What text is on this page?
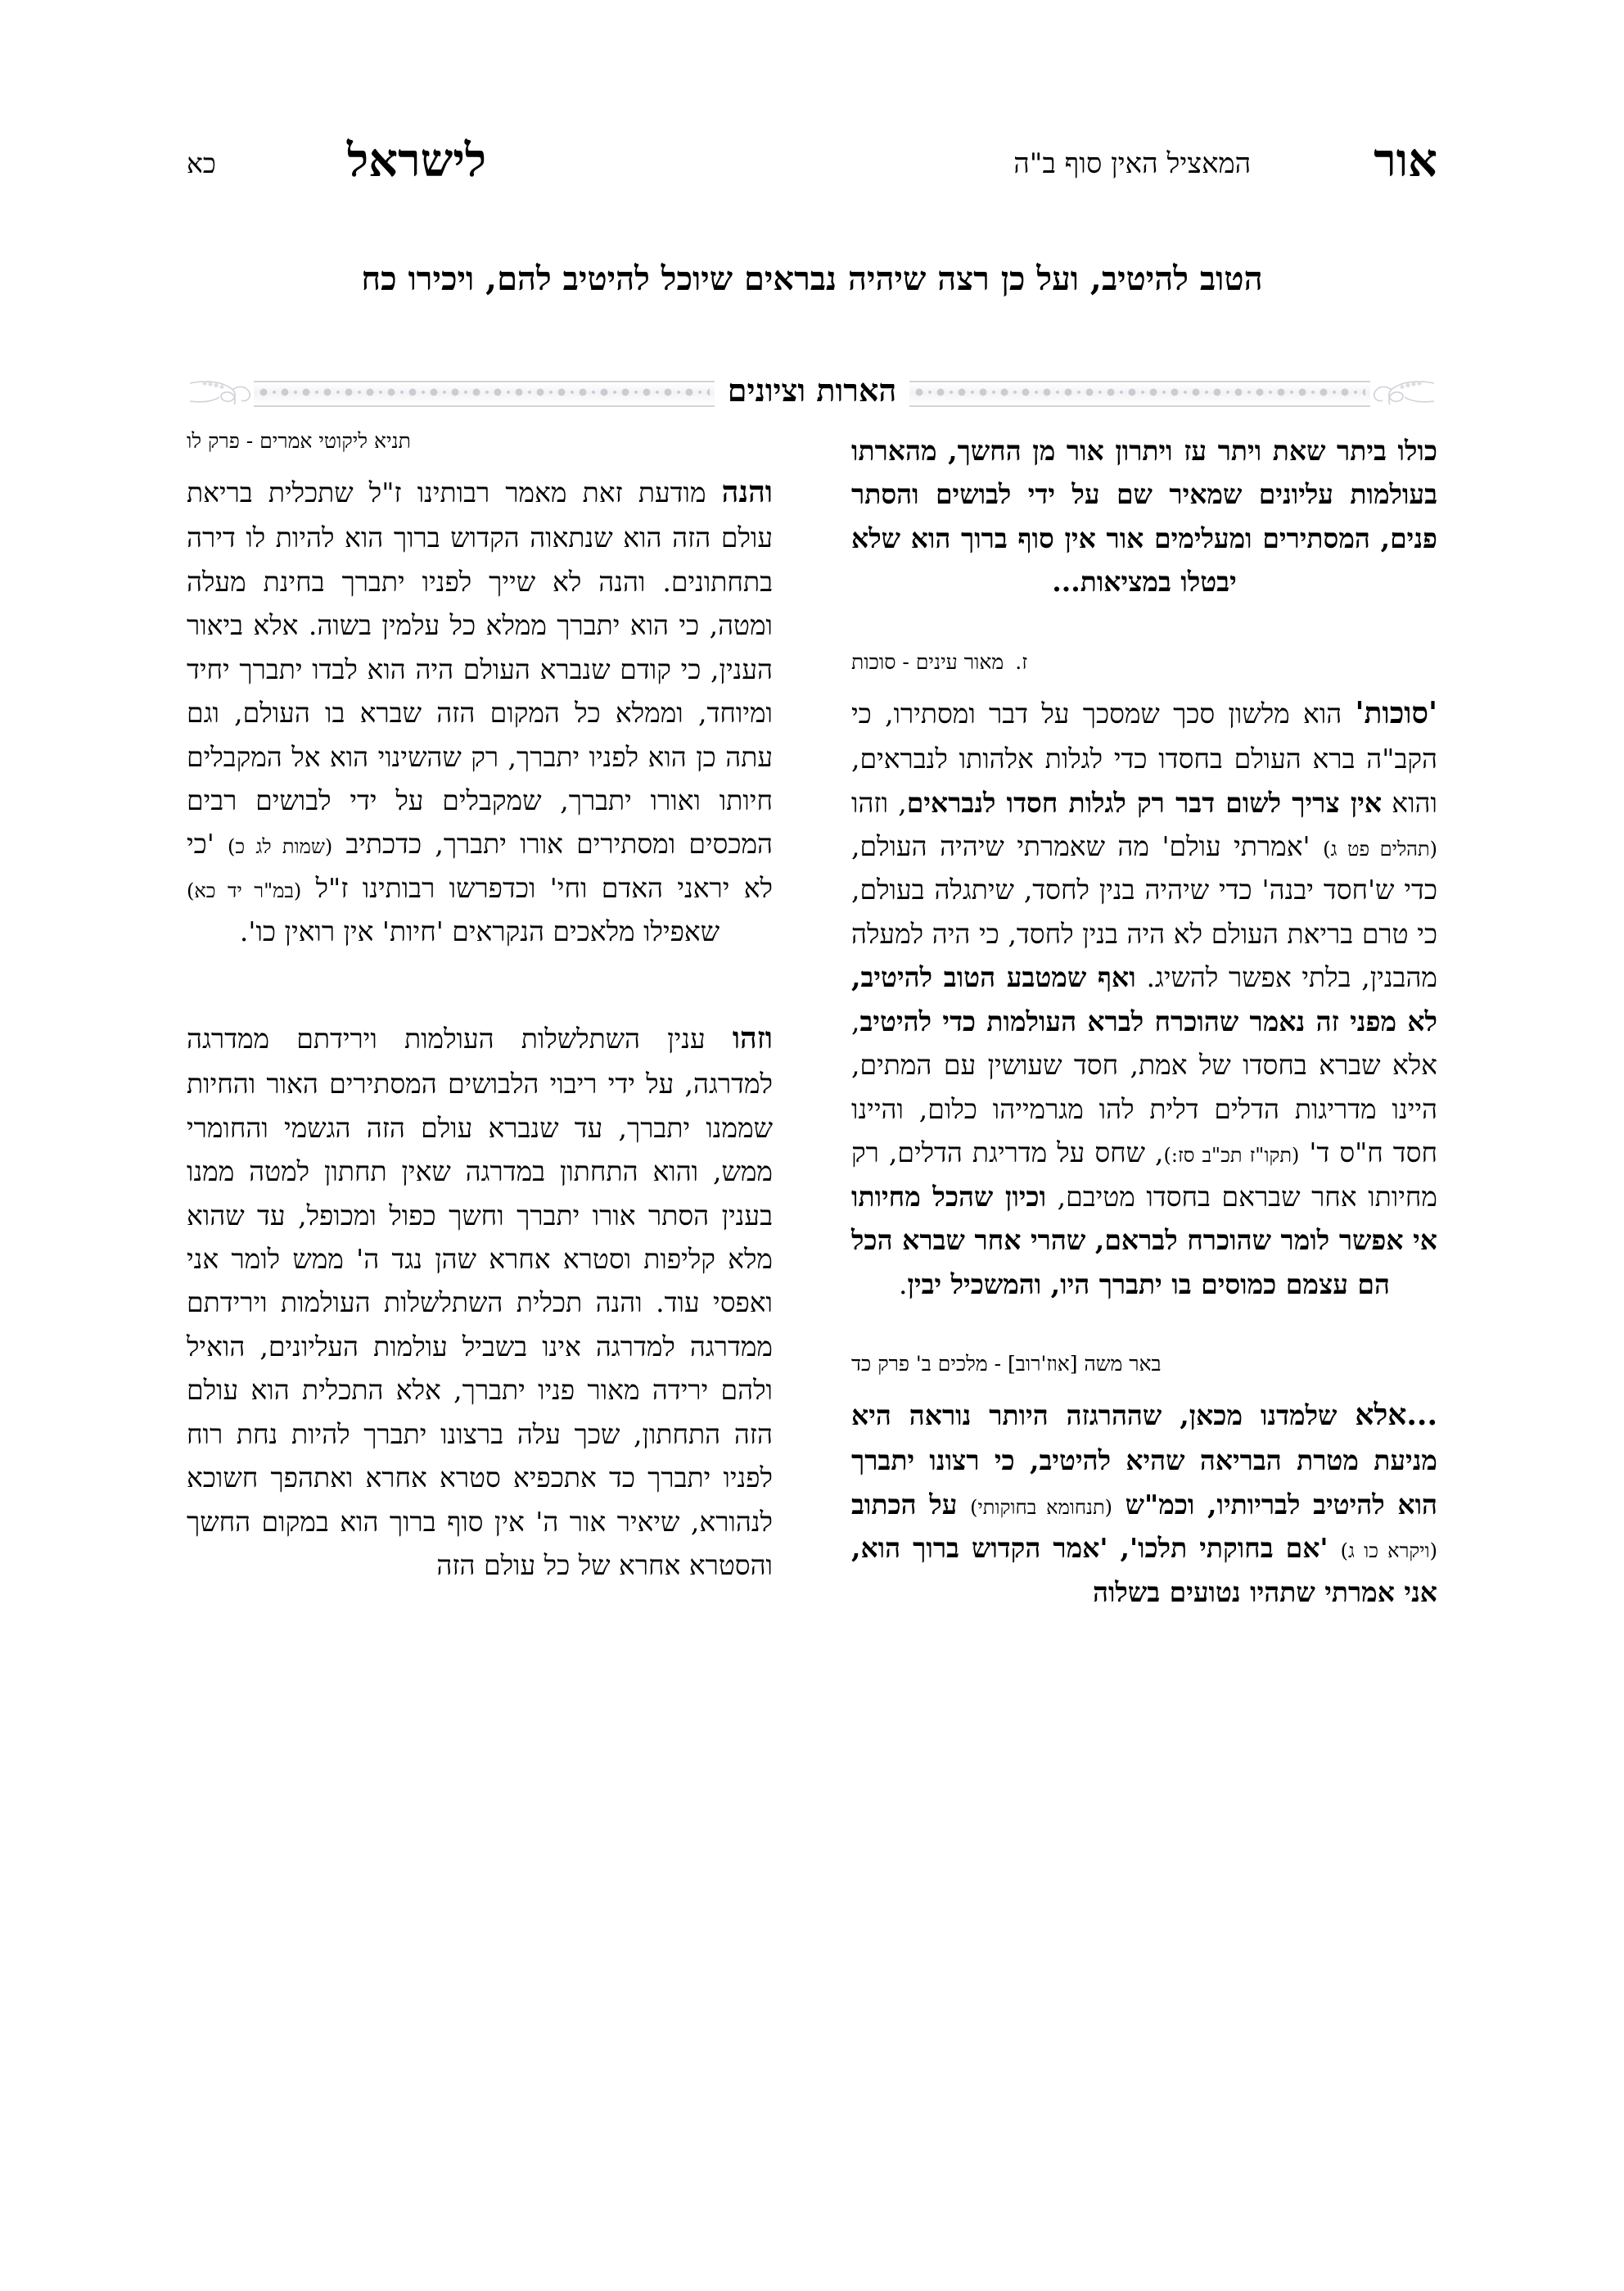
אור
המאציל האין סוף ב"ה
לישראל
כא
הטוב להיטיב, ועל כן רצה שיהיה נבראים שיוכל להיטיב להם, ויכירו כח
הארות וציונים

כולו ביתר שאת ויתר עז ויתרון אור מן החשך, מהארתו בעולמות עליונים שמאיר שם על ידי לבושים והסתר פנים, המסתירים ומעלימים אור אין סוף ברוך הוא שלא יבטלו במציאות...

ז.מאור עינים - סוכות

'סוכות' הוא מלשון סכך שמסכך על דבר ומסתירו, כי הקב"ה ברא העולם בחסדו כדי לגלות אלהותו לנבראים, והוא אין צריך לשום דבר רק לגלות חסדו לנבראים, וזהו (תהלים פט ג) 'אמרתי עולם' מה שאמרתי שיהיה העולם, כדי ש'חסד יבנה' כדי שיהיה בנין לחסד, שיתגלה בעולם, כי טרם בריאת העולם לא היה בנין לחסד, כי היה למעלה מהבנין, בלתי אפשר להשיג. ואף שמטבע הטוב להיטיב, לא מפני זה נאמר שהוכרח לברא העולמות כדי להיטיב, אלא שברא בחסדו של אמת, חסד שעושין עם המתים, היינו מדריגות הדלים דלית להו מגרמייהו כלום, והיינו חסד ח"ס ד' (תקו"ז תכ"ב סז:), שחס על מדריגת הדלים, רק מחיותו אחר שבראם בחסדו מטיבם, וכיון שהכל מחיותו אי אפשר לומר שהוכרח לבראם, שהרי אחר שברא הכל הם עצמם כמוסים בו יתברך היו, והמשכיל יבין.

באר משה [אוז'רוב] - מלכים ב' פרק כד

...אלא שלמדנו מכאן, שההרגזה היותר נוראה היא מניעת מטרת הבריאה שהיא להיטיב, כי רצונו יתברך הוא להיטיב לבריותיו, וכמ"ש (תנחומא בחוקותי) על הכתוב (ויקרא כו ג) 'אם בחוקתי תלכו', 'אמר הקדוש ברוך הוא, אני אמרתי שתהיו נטועים בשלוה

תניא ליקוטי אמרים - פרק לו

והנה מודעת זאת מאמר רבותינו ז"ל שתכלית בריאת עולם הזה הוא שנתאוה הקדוש ברוך הוא להיות לו דירה בתחתונים. והנה לא שייך לפניו יתברך בחינת מעלה ומטה, כי הוא יתברך ממלא כל עלמין בשוה. אלא ביאור הענין, כי קודם שנברא העולם היה הוא לבדו יתברך יחיד ומיוחד, וממלא כל המקום הזה שברא בו העולם, וגם עתה כן הוא לפניו יתברך, רק שהשינוי הוא אל המקבלים חיותו ואורו יתברך, שמקבלים על ידי לבושים רבים המכסים ומסתירים אורו יתברך, כדכתיב (שמות לג כ) 'כי לא יראני האדם וחי' וכדפרשו רבותינו ז"ל (במ"ר יד כא) שאפילו מלאכים הנקראים 'חיות' אין רואין כו'.

וזהו ענין השתלשלות העולמות וירידתם ממדרגה למדרגה, על ידי ריבוי הלבושים המסתירים האור והחיות שממנו יתברך, עד שנברא עולם הזה הגשמי והחומרי ממש, והוא התחתון במדרגה שאין תחתון למטה ממנו בענין הסתר אורו יתברך וחשך כפול ומכופל, עד שהוא מלא קליפות וסטרא אחרא שהן נגד ה' ממש לומר אני ואפסי עוד. והנה תכלית השתלשלות העולמות וירידתם ממדרגה למדרגה אינו בשביל עולמות העליונים, הואיל ולהם ירידה מאור פניו יתברך, אלא התכלית הוא עולם הזה התחתון, שכך עלה ברצונו יתברך להיות נחת רוח לפניו יתברך כד אתכפיא סטרא אחרא ואתהפך חשוכא לנהורא, שיאיר אור ה' אין סוף ברוך הוא במקום החשך והסטרא אחרא של כל עולם הזה
